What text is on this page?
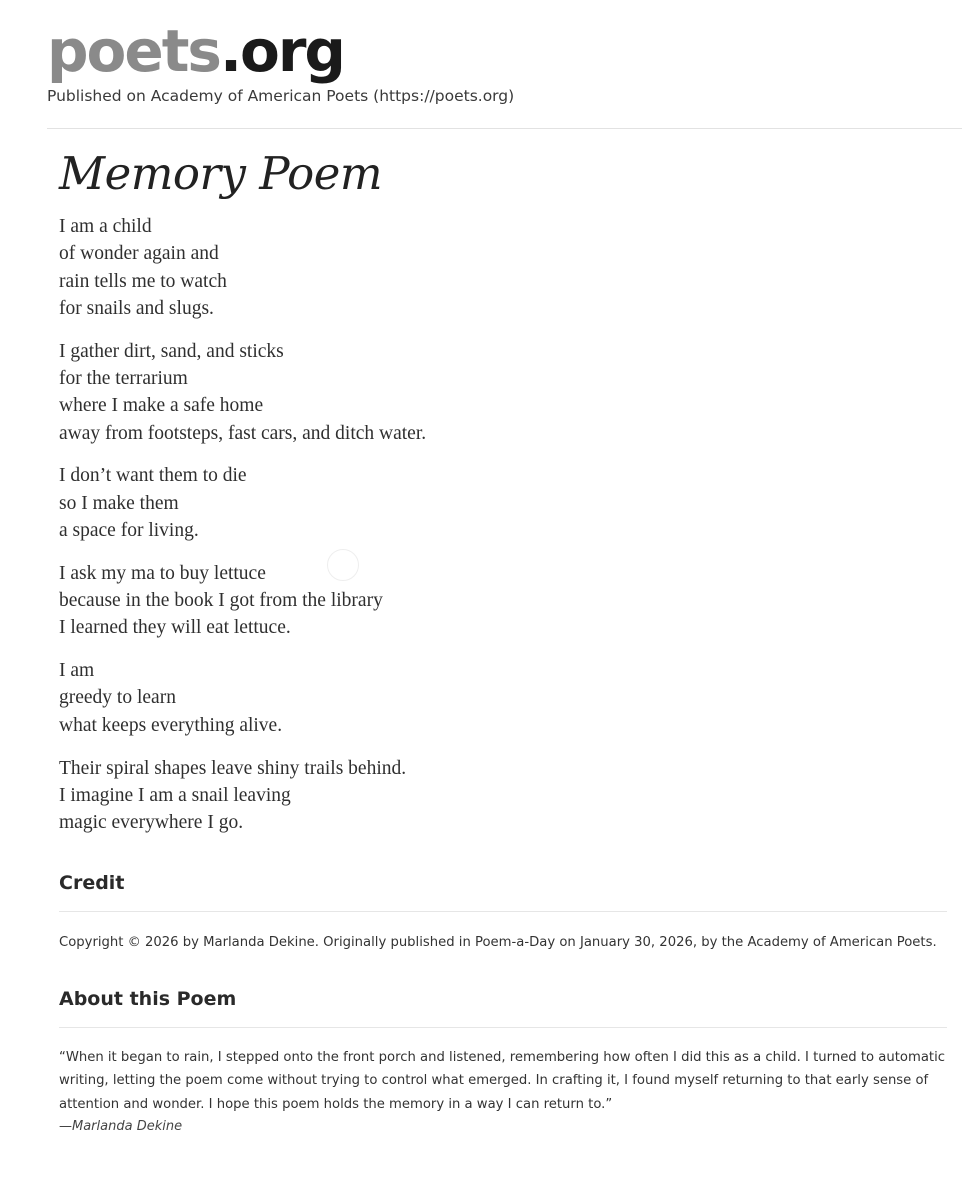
poets.org
Published on Academy of American Poets (https://poets.org)
Memory Poem
I am a child
of wonder again and
rain tells me to watch
for snails and slugs.
I gather dirt, sand, and sticks
for the terrarium
where I make a safe home
away from footsteps, fast cars, and ditch water.
I don’t want them to die
so I make them
a space for living.
I ask my ma to buy lettuce
because in the book I got from the library
I learned they will eat lettuce.
I am
greedy to learn
what keeps everything alive.
Their spiral shapes leave shiny trails behind.
I imagine I am a snail leaving
magic everywhere I go.
Credit
Copyright © 2026 by Marlanda Dekine. Originally published in Poem-a-Day on January 30, 2026, by the Academy of American Poets.
About this Poem
“When it began to rain, I stepped onto the front porch and listened, remembering how often I did this as a child. I turned to automatic writing, letting the poem come without trying to control what emerged. In crafting it, I found myself returning to that early sense of attention and wonder. I hope this poem holds the memory in a way I can return to.”
—Marlanda Dekine
